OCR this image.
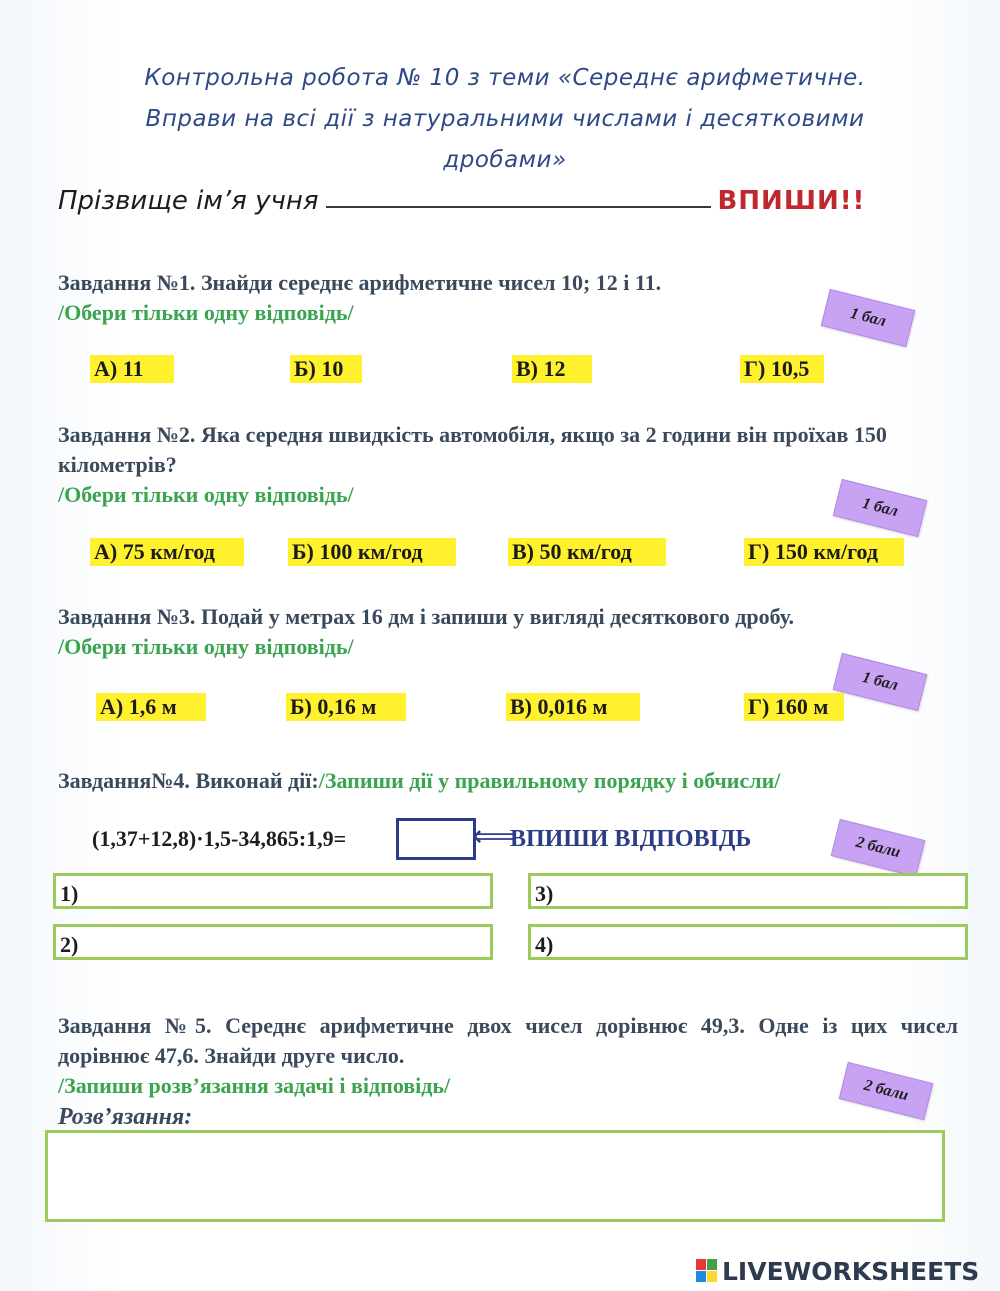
Контрольна робота № 10 з теми «Середнє арифметичне.
Вправи на всі дії з натуральними числами і десятковими
дробами»
Прізвище ім’я учня	ВПИШИ!!
Завдання №1. Знайди середнє арифметичне чисел 10; 12 і 11.
/Обери тільки одну відповідь/	1 бал
А) 11	Б) 10	В) 12	Г) 10,5
Завдання №2. Яка середня швидкість автомобіля, якщо за 2 години він проїхав 150 кілометрів?
/Обери тільки одну відповідь/
1 бал
А) 75 км/год	Б) 100 км/год	В) 50 км/год	Г) 150 км/год
Завдання №3. Подай у метрах 16 дм і запиши у вигляді десяткового дробу.
/Обери тільки одну відповідь/
1 бал
А) 1,6 м	Б) 0,16 м	В) 0,016 м	Г) 160 м
Завдання№4. Виконай дії:/Запиши дії у правильному порядку і обчисли/
(1,37+12,8)·1,5-34,865:1,9=	⟸
ВПИШИ ВІДПОВІДЬ	2 бали
1)	3)
2)	4)
Завдання №5. Середнє арифметичне двох чисел дорівнює 49,3. Одне із цих чисел дорівнює 47,6. Знайди друге число.
/Запиши розв’язання задачі і відповідь/	2 бали
Розв’язання:
LIVEWORKSHEETS
